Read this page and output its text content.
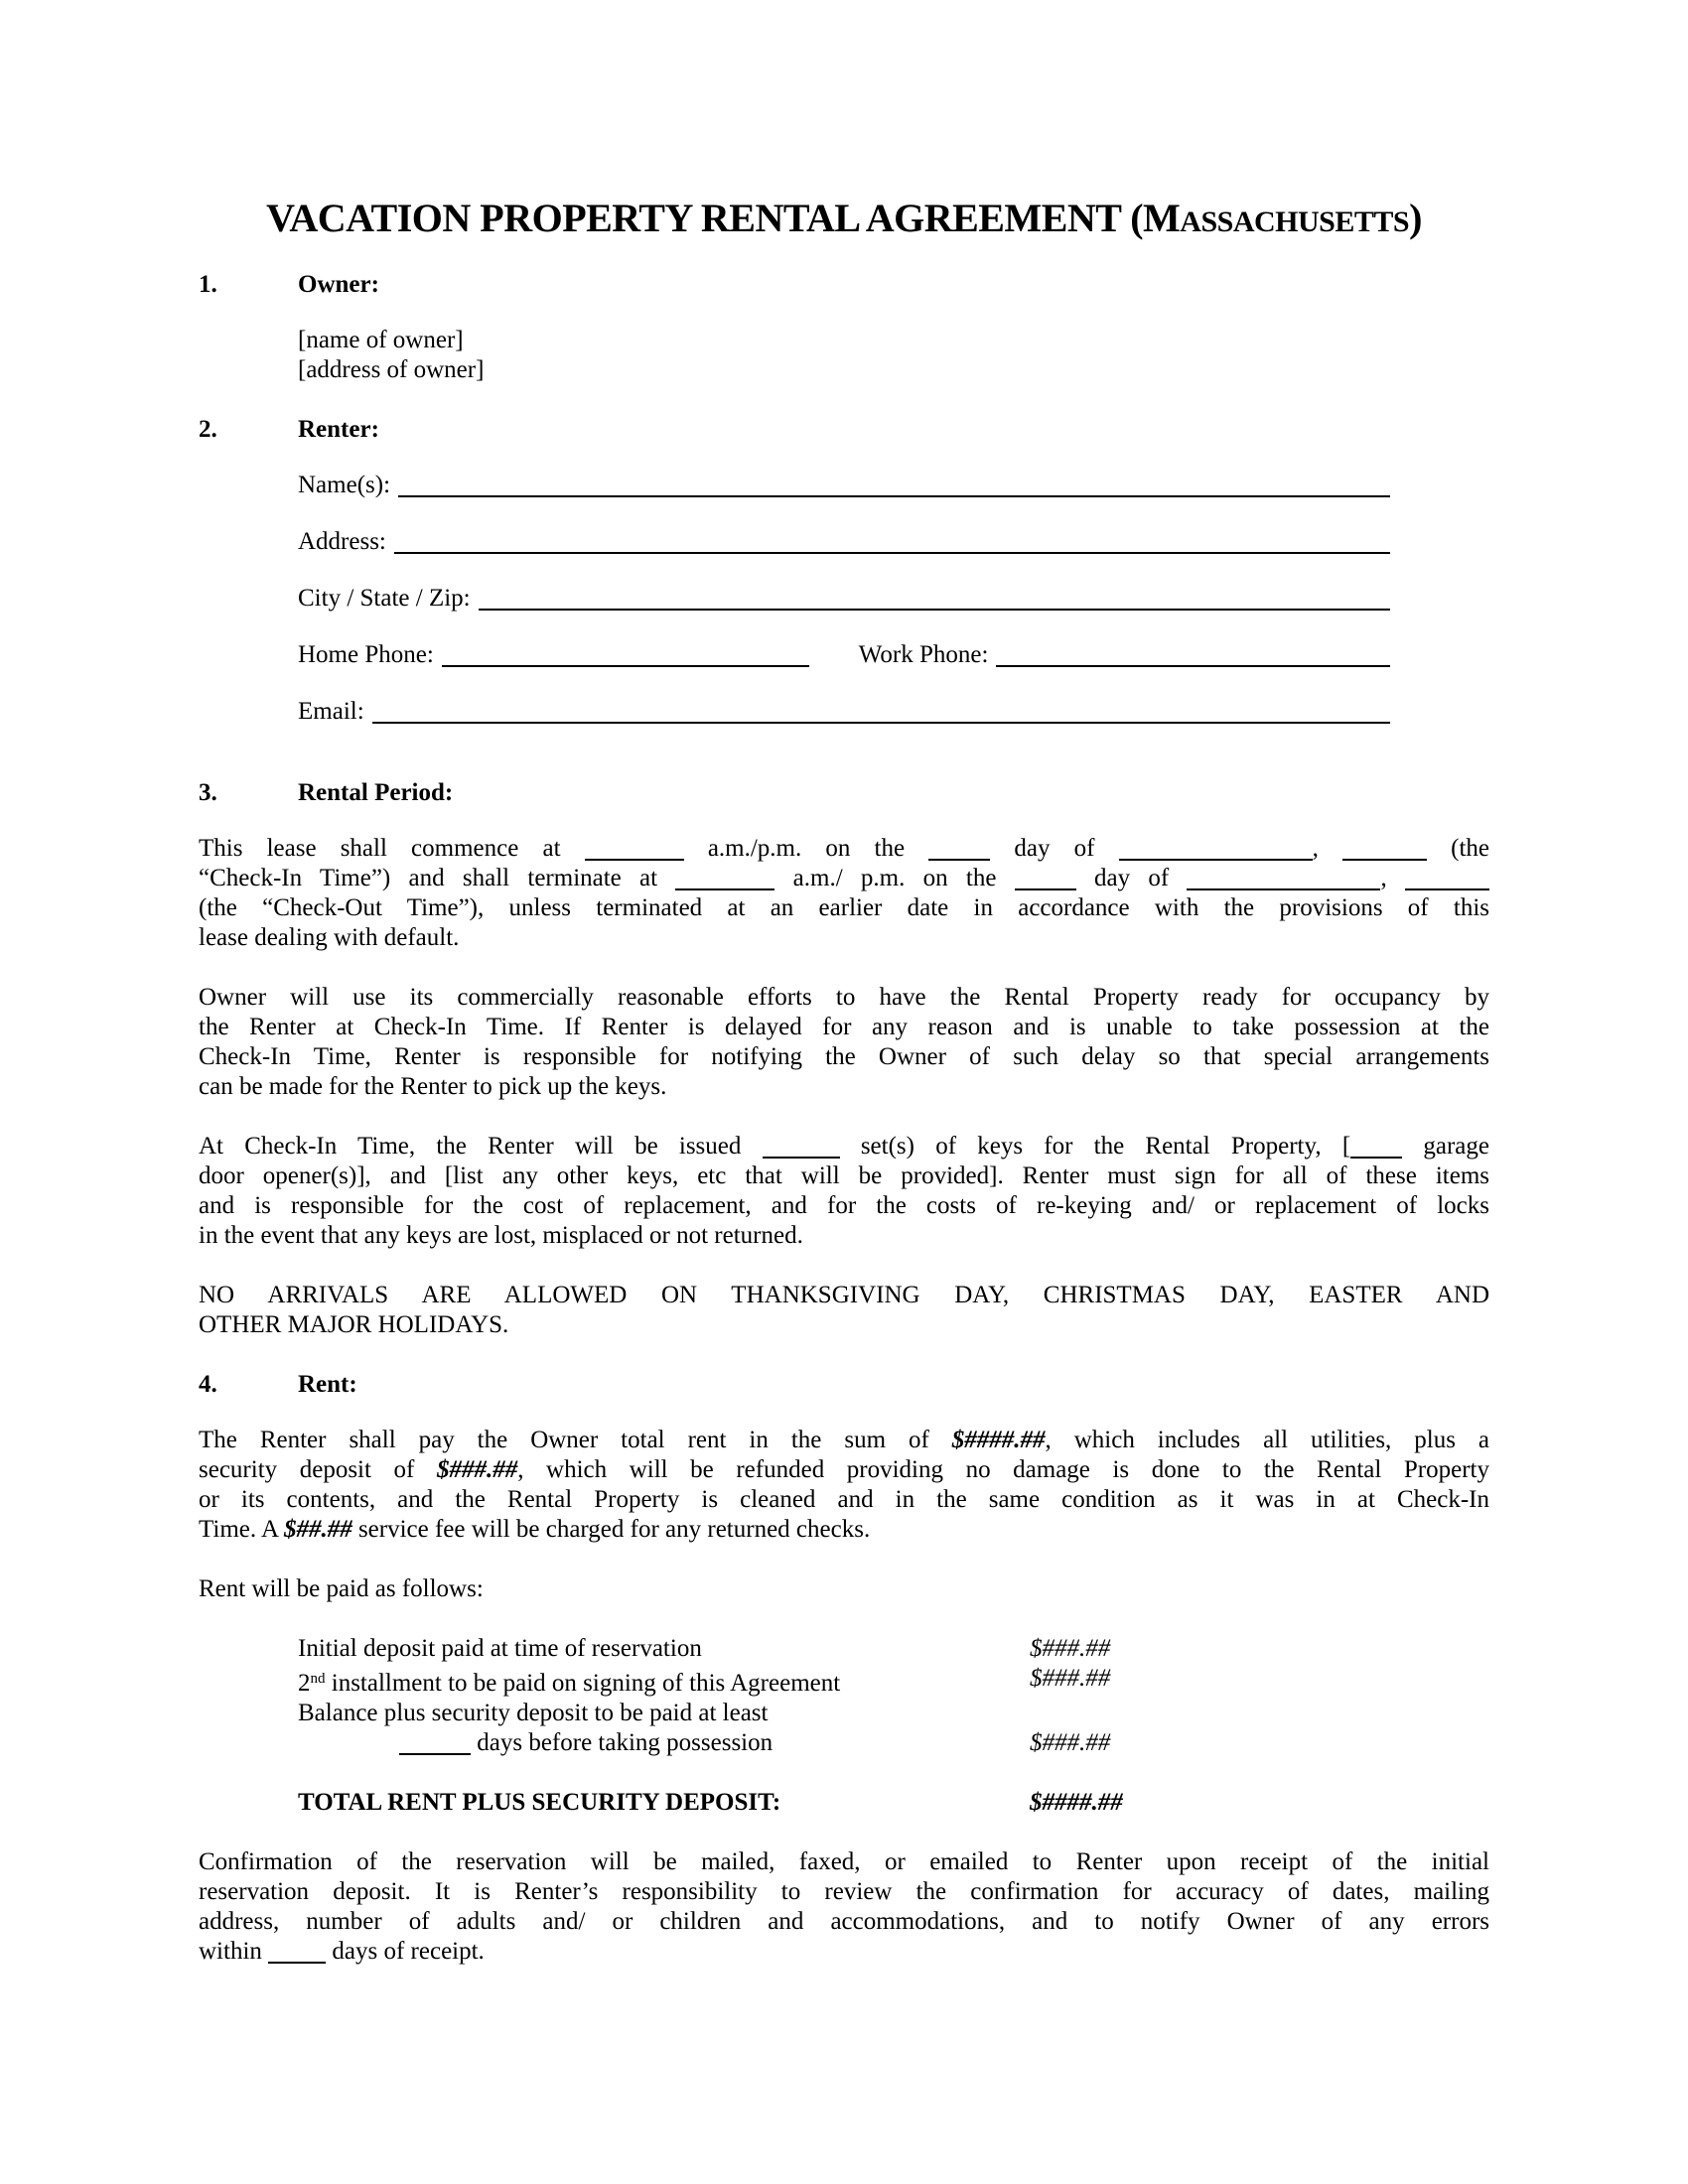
VACATION PROPERTY RENTAL AGREEMENT (MASSACHUSETTS)
1.	Owner:
[name of owner]
[address of owner]
2.	Renter:
Name(s):
Address:
City / State / Zip:
Home Phone:	Work Phone:
Email:
3.	Rental Period:
This lease shall commence at	a.m./p.m. on the  day of	,	(the
“Check-In Time”) and shall terminate at	a.m./ p.m. on the  day of	,
(the “Check-Out Time”), unless terminated at an earlier date in accordance with the provisions of this
lease dealing with default.
Owner will use its commercially reasonable efforts to have the Rental Property ready for occupancy by
the Renter at Check-In Time. If Renter is delayed for any reason and is unable to take possession at the
Check-In Time, Renter is responsible for notifying the Owner of such delay so that special arrangements
can be made for the Renter to pick up the keys.
At Check-In Time, the Renter will be issued	set(s) of keys for the Rental Property, [ garage
door opener(s)], and [list any other keys, etc that will be provided]. Renter must sign for all of these items
and is responsible for the cost of replacement, and for the costs of re-keying and/ or replacement of locks
in the event that any keys are lost, misplaced or not returned.
NO ARRIVALS ARE ALLOWED ON THANKSGIVING DAY, CHRISTMAS DAY, EASTER AND
OTHER MAJOR HOLIDAYS.
4.	Rent:
The Renter shall pay the Owner total rent in the sum of $####.##, which includes all utilities, plus a
security deposit of $###.##, which will be refunded providing no damage is done to the Rental Property
or its contents, and the Rental Property is cleaned and in the same condition as it was in at Check-In
Time. A $##.## service fee will be charged for any returned checks.
Rent will be paid as follows:
Initial deposit paid at time of reservation	$###.##
2nd installment to be paid on signing of this Agreement	$###.##
Balance plus security deposit to be paid at least
days before taking possession	$###.##
TOTAL RENT PLUS SECURITY DEPOSIT:	$####.##
Confirmation of the reservation will be mailed, faxed, or emailed to Renter upon receipt of the initial
reservation deposit. It is Renter’s responsibility to review the confirmation for accuracy of dates, mailing
address, number of adults and/ or children and accommodations, and to notify Owner of any errors
within  days of receipt.
